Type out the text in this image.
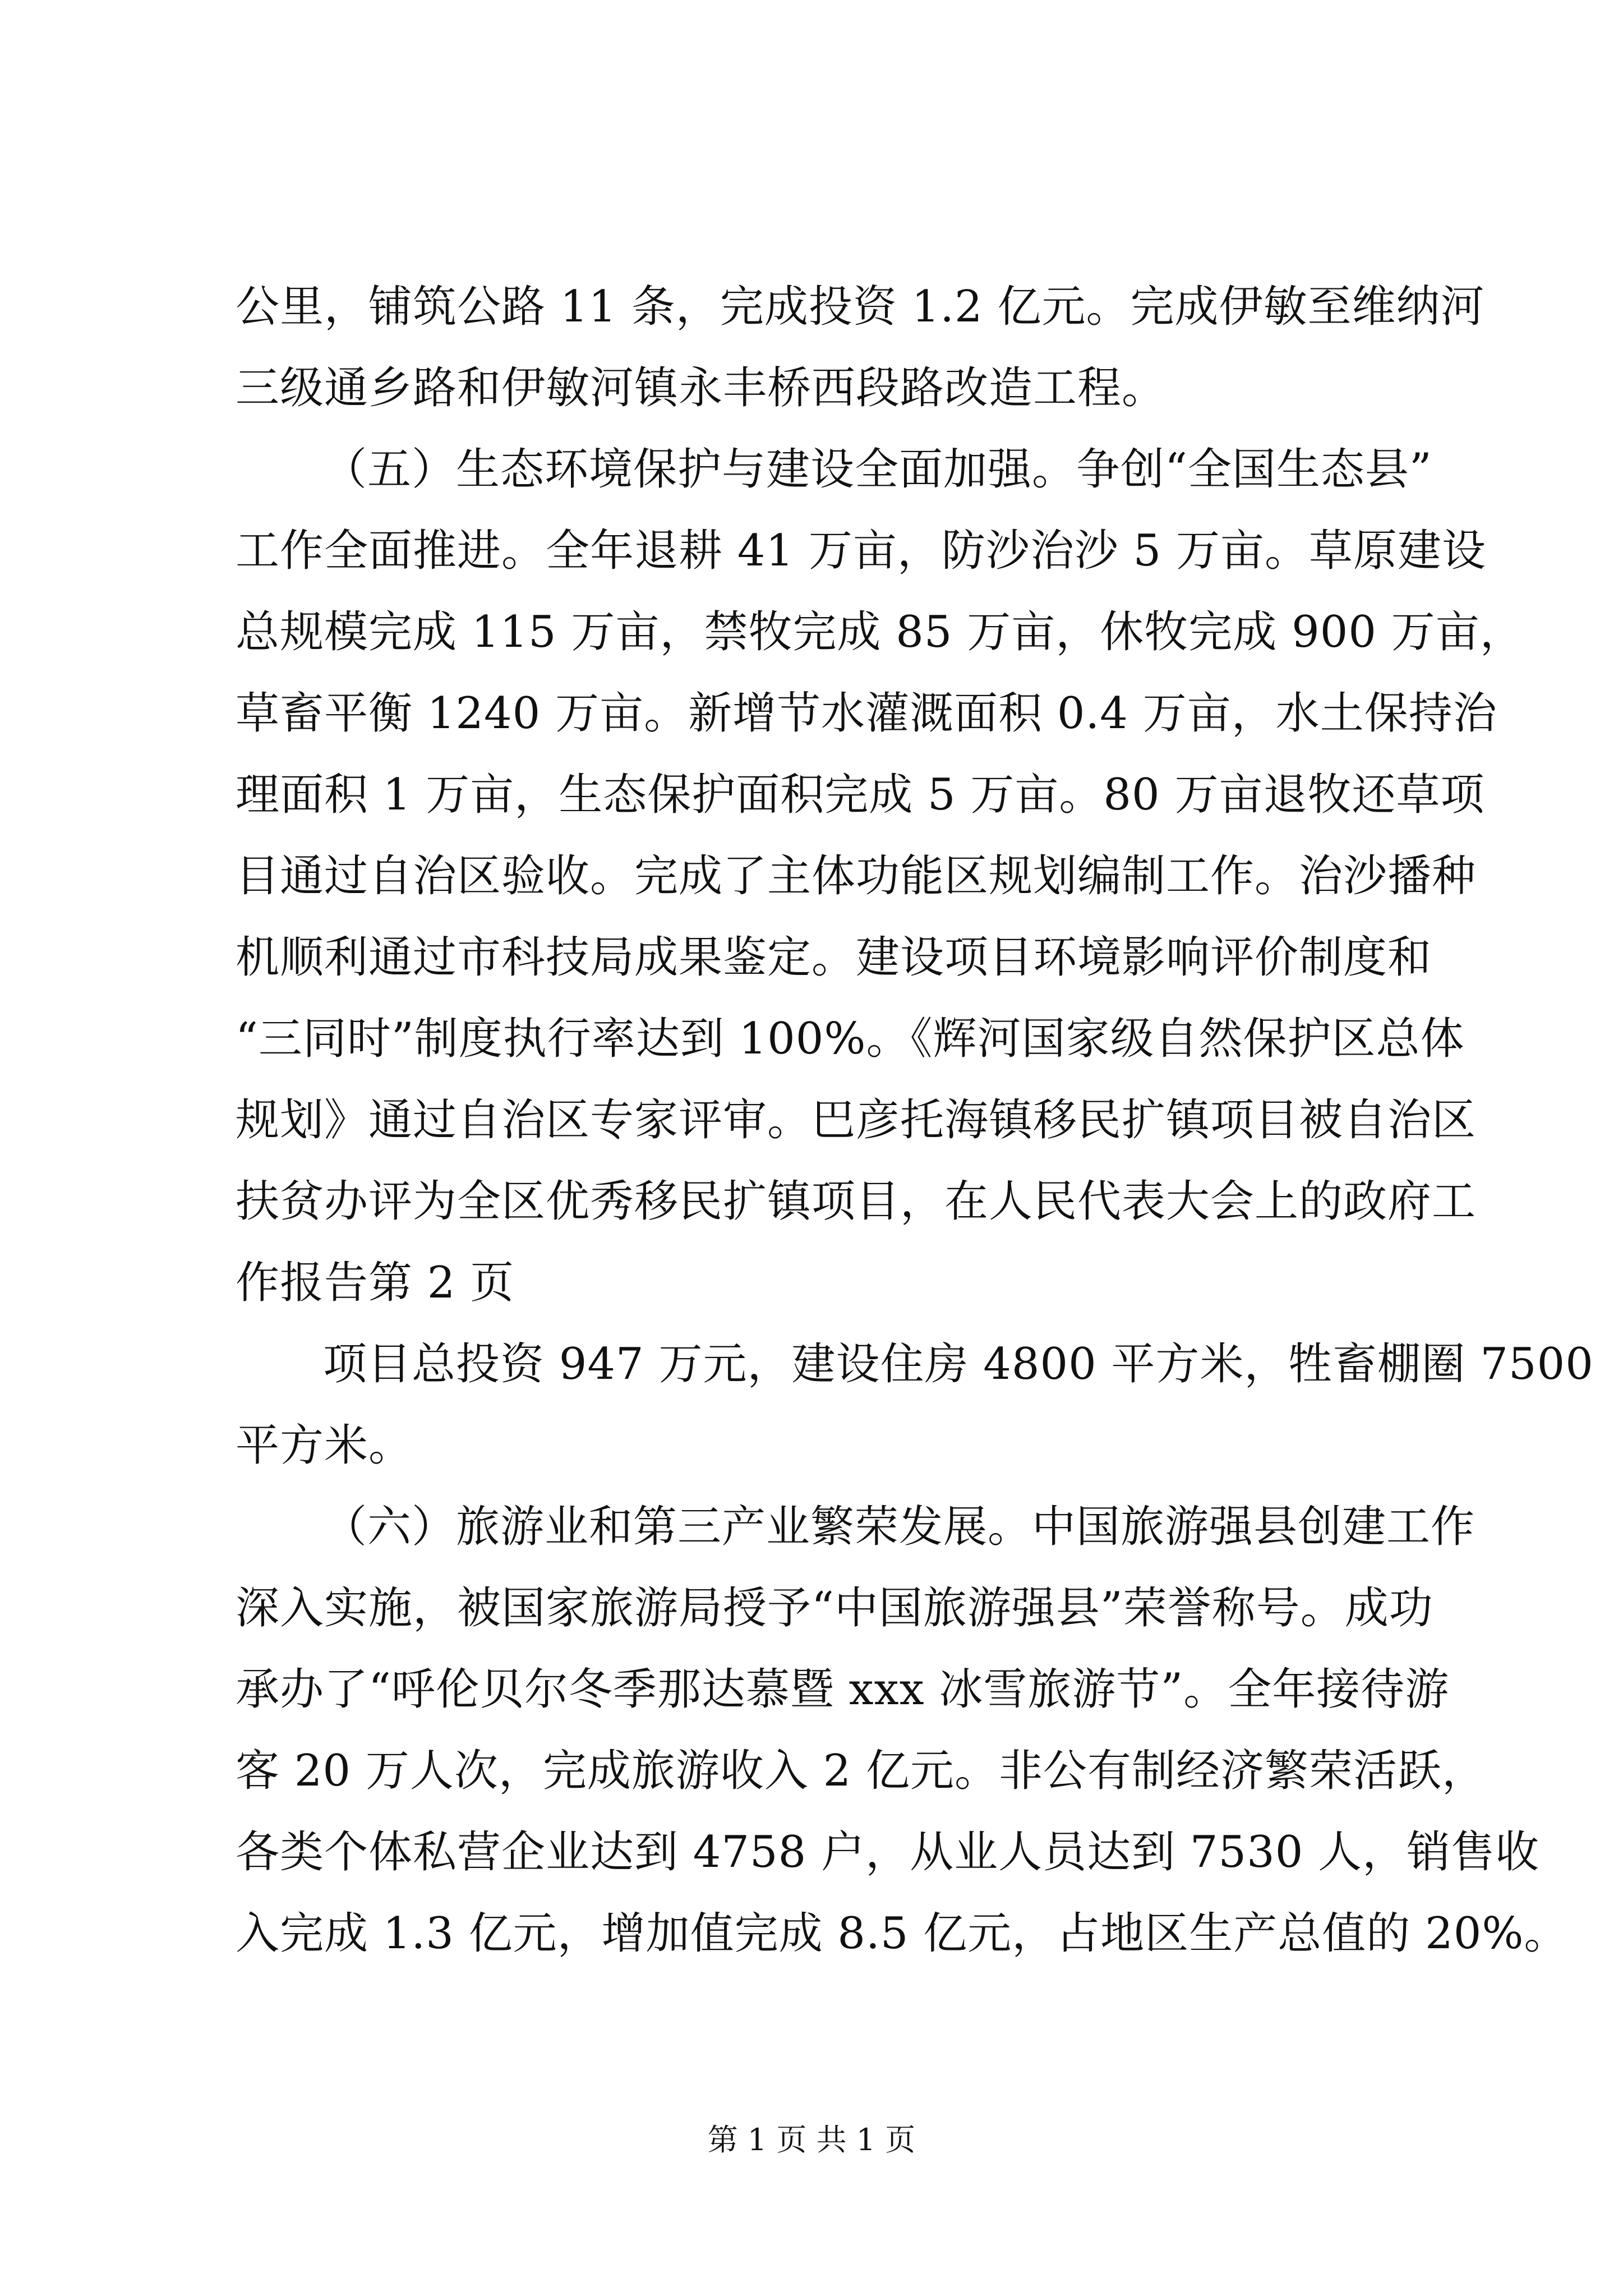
公里，铺筑公路 11 条，完成投资 1.2 亿元。完成伊敏至维纳河
三级通乡路和伊敏河镇永丰桥西段路改造工程。
（五）生态环境保护与建设全面加强。争创“全国生态县”
工作全面推进。全年退耕 41 万亩，防沙治沙 5 万亩。草原建设
总规模完成 115 万亩，禁牧完成 85 万亩，休牧完成 900 万亩，
草畜平衡 1240 万亩。新增节水灌溉面积 0.4 万亩，水土保持治
理面积 1 万亩，生态保护面积完成 5 万亩。80 万亩退牧还草项
目通过自治区验收。完成了主体功能区规划编制工作。治沙播种
机顺利通过市科技局成果鉴定。建设项目环境影响评价制度和
“三同时”制度执行率达到 100%。《辉河国家级自然保护区总体
规划》通过自治区专家评审。巴彦托海镇移民扩镇项目被自治区
扶贫办评为全区优秀移民扩镇项目，在人民代表大会上的政府工
作报告第 2 页
项目总投资 947 万元，建设住房 4800 平方米，牲畜棚圈 7500
平方米。
（六）旅游业和第三产业繁荣发展。中国旅游强县创建工作
深入实施，被国家旅游局授予“中国旅游强县”荣誉称号。成功
承办了“呼伦贝尔冬季那达慕暨 xxx 冰雪旅游节”。全年接待游
客 20 万人次，完成旅游收入 2 亿元。非公有制经济繁荣活跃，
各类个体私营企业达到 4758 户，从业人员达到 7530 人，销售收
入完成 1.3 亿元，增加值完成 8.5 亿元，占地区生产总值的 20%。
第 1 页 共 1 页
